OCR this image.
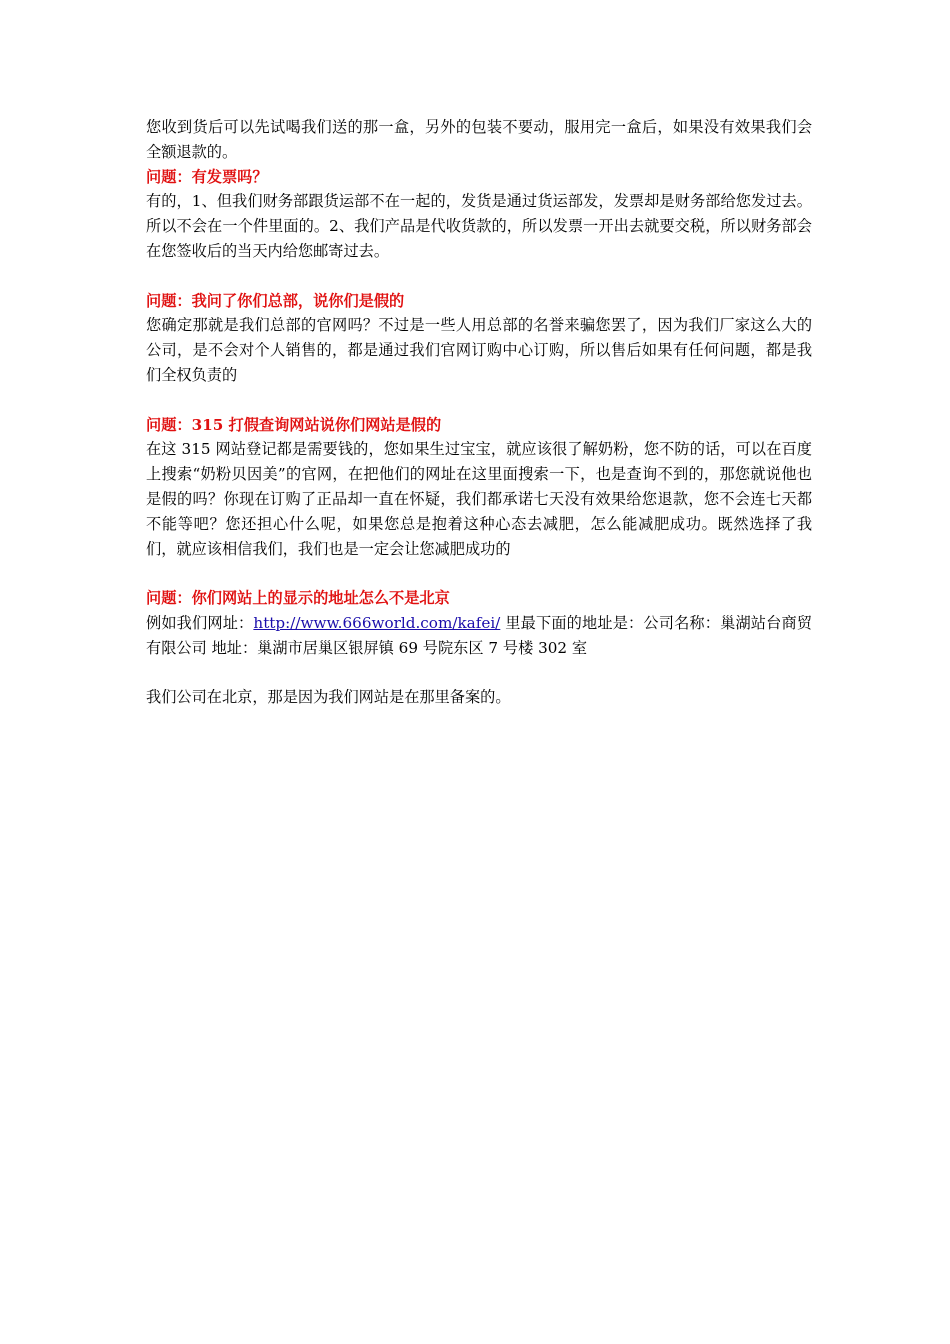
您收到货后可以先试喝我们送的那一盒，另外的包装不要动，服用完一盒后，如果没有效果我们会全额退款的。

问题：有发票吗？

有的，1、但我们财务部跟货运部不在一起的，发货是通过货运部发，发票却是财务部给您发过去。所以不会在一个件里面的。2、我们产品是代收货款的，所以发票一开出去就要交税，所以财务部会在您签收后的当天内给您邮寄过去。

问题：我问了你们总部，说你们是假的

您确定那就是我们总部的官网吗？不过是一些人用总部的名誉来骗您罢了，因为我们厂家这么大的公司，是不会对个人销售的，都是通过我们官网订购中心订购，所以售后如果有任何问题，都是我们全权负责的

问题：315 打假查询网站说你们网站是假的

在这 315 网站登记都是需要钱的，您如果生过宝宝，就应该很了解奶粉，您不防的话，可以在百度上搜索“奶粉贝因美”的官网，在把他们的网址在这里面搜索一下，也是查询不到的，那您就说他也是假的吗？你现在订购了正品却一直在怀疑，我们都承诺七天没有效果给您退款，您不会连七天都不能等吧？您还担心什么呢，如果您总是抱着这种心态去减肥，怎么能减肥成功。既然选择了我们，就应该相信我们，我们也是一定会让您减肥成功的

问题：你们网站上的显示的地址怎么不是北京

例如我们网址：http://www.666world.com/kafei/ 里最下面的地址是：公司名称：巢湖站台商贸有限公司 地址：巢湖市居巢区银屏镇 69 号院东区 7 号楼 302 室

我们公司在北京，那是因为我们网站是在那里备案的。
